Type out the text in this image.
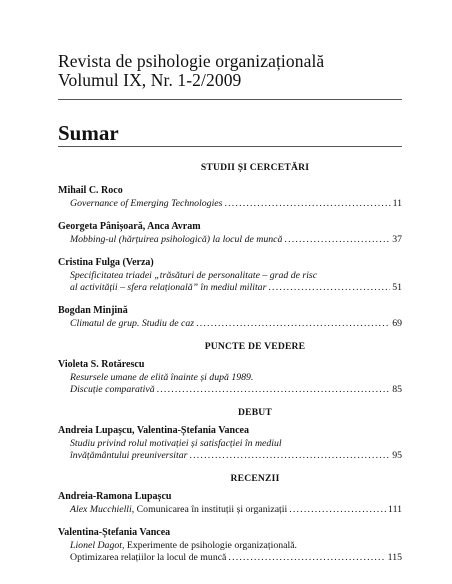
Revista de psihologie organizațională
Volumul IX, Nr. 1-2/2009
Sumar
STUDII ȘI CERCETĂRI
Mihail C. Roco
Governance of Emerging Technologies .....	11
Georgeta Pânișoară, Anca Avram
Mobbing-ul (hărțuirea psihologică) la locul de muncă .....	37
Cristina Fulga (Verza)
Specificitatea triadei „trăsături de personalitate – grad de risc
al activității – sfera relațională” în mediul militar .....	51
Bogdan Minjină
Climatul de grup. Studiu de caz .....	69
PUNCTE DE VEDERE
Violeta S. Rotărescu
Resursele umane de elită înainte și după 1989.
Discuție comparativă .....	85
DEBUT
Andreia Lupașcu, Valentina-Ștefania Vancea
Studiu privind rolul motivației și satisfacției în mediul
învățământului preuniversitar .....	95
RECENZII
Andreia-Ramona Lupașcu
Alex Mucchielli, Comunicarea în instituții și organizații .....	111
Valentina-Ștefania Vancea
Lionel Dagot, Experimente de psihologie organizațională.
Optimizarea relațiilor la locul de muncă .....	115
